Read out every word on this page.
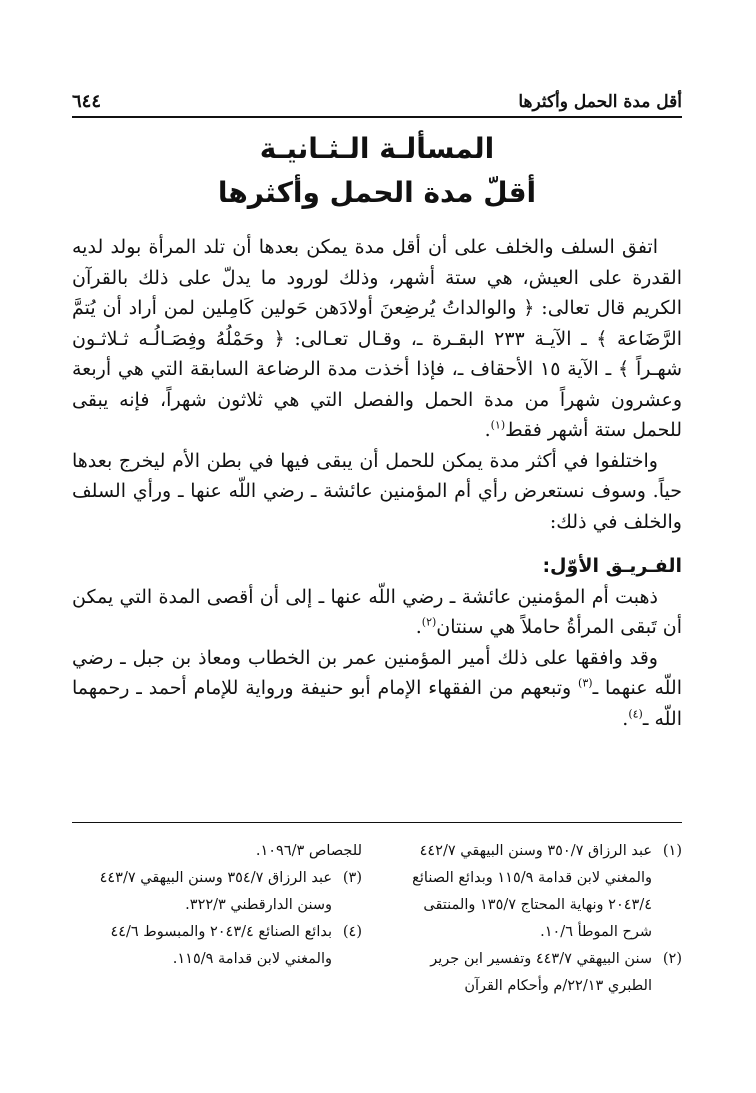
أقل مدة الحمل وأكثرها
٦٤٤
المسألـة الـثـانيـة
أقلّ مدة الحمل وأكثرها

اتفق السلف والخلف على أن أقل مدة يمكن بعدها أن تلد المرأة بولد لديه القدرة على العيش، هي ستة أشهر، وذلك لورود ما يدلّ على ذلك بالقرآن الكريم قال تعالى: ﴿ والوالداتُ يُرضِعنَ أولادَهن حَولين كَامِلين لمن أراد أن يُتمَّ الرَّضَاعة ﴾ ـ الآيـة ٢٣٣ البقـرة ـ، وقـال تعـالى: ﴿ وحَمْلُهُ وفِصَـالُـه ثـلاثـون شهـراً ﴾ ـ الآية ١٥ الأحقاف ـ، فإذا أخذت مدة الرضاعة السابقة التي هي أربعة وعشرون شهراً من مدة الحمل والفصل التي هي ثلاثون شهراً، فإنه يبقى للحمل ستة أشهر فقط$^{(١)}$.

واختلفوا في أكثر مدة يمكن للحمل أن يبقى فيها في بطن الأم ليخرج بعدها حياً. وسوف نستعرض رأي أم المؤمنين عائشة ـ رضي اللّه عنها ـ ورأي السلف والخلف في ذلك:

الفـريـق الأوّل:

ذهبت أم المؤمنين عائشة ـ رضي اللّه عنها ـ إلى أن أقصى المدة التي يمكن أن تَبقى المرأةُ حاملاً هي سنتان$^{(٢)}$.

وقد وافقها على ذلك أمير المؤمنين عمر بن الخطاب ومعاذ بن جبل ـ رضي اللّه عنهما ـ$^{(٣)}$ وتبعهم من الفقهاء الإمام أبو حنيفة ورواية للإمام أحمد ـ رحمهما اللّه ـ$^{(٤)}$.

(١)
عبد الرزاق ٣٥٠/٧ وسنن البيهقي ٤٤٢/٧
والمغني لابن قدامة ١١٥/٩ وبدائع الصنائع
٢٠٤٣/٤ ونهاية المحتاج ١٣٥/٧ والمنتقى
شرح الموطأ ١٠/٦.
(٢)
سنن البيهقي ٤٤٣/٧ وتفسير ابن جرير
الطبري ٢٢/١٣/م وأحكام القرآن
للجصاص ١٠٩٦/٣.
(٣)
عبد الرزاق ٣٥٤/٧ وسنن البيهقي ٤٤٣/٧
وسنن الدارقطني ٣٢٢/٣.
(٤)
بدائع الصنائع ٢٠٤٣/٤ والمبسوط ٤٤/٦
والمغني لابن قدامة ١١٥/٩.
